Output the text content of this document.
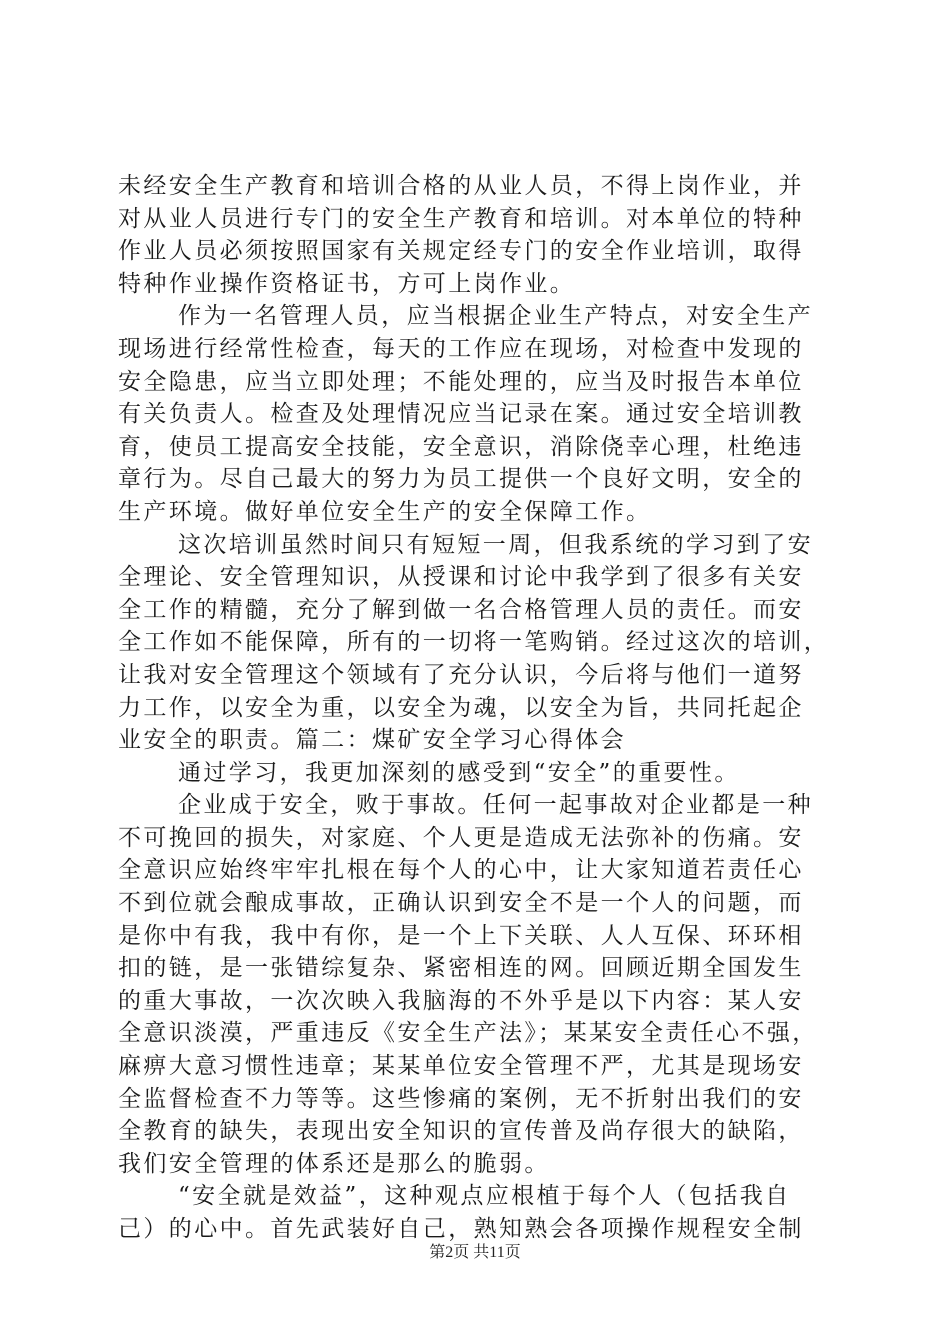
未经安全生产教育和培训合格的从业人员，不得上岗作业，并
对从业人员进行专门的安全生产教育和培训。对本单位的特种
作业人员必须按照国家有关规定经专门的安全作业培训，取得
特种作业操作资格证书，方可上岗作业。
作为一名管理人员，应当根据企业生产特点，对安全生产
现场进行经常性检查，每天的工作应在现场，对检查中发现的
安全隐患，应当立即处理；不能处理的，应当及时报告本单位
有关负责人。检查及处理情况应当记录在案。通过安全培训教
育，使员工提高安全技能，安全意识，消除侥幸心理，杜绝违
章行为。尽自己最大的努力为员工提供一个良好文明，安全的
生产环境。做好单位安全生产的安全保障工作。
这次培训虽然时间只有短短一周，但我系统的学习到了安
全理论、安全管理知识，从授课和讨论中我学到了很多有关安
全工作的精髓，充分了解到做一名合格管理人员的责任。而安
全工作如不能保障，所有的一切将一笔购销。经过这次的培训，
让我对安全管理这个领域有了充分认识，今后将与他们一道努
力工作，以安全为重，以安全为魂，以安全为旨，共同托起企
业安全的职责。篇二：煤矿安全学习心得体会
通过学习，我更加深刻的感受到“安全”的重要性。
企业成于安全，败于事故。任何一起事故对企业都是一种
不可挽回的损失，对家庭、个人更是造成无法弥补的伤痛。安
全意识应始终牢牢扎根在每个人的心中，让大家知道若责任心
不到位就会酿成事故，正确认识到安全不是一个人的问题，而
是你中有我，我中有你，是一个上下关联、人人互保、环环相
扣的链，是一张错综复杂、紧密相连的网。回顾近期全国发生
的重大事故，一次次映入我脑海的不外乎是以下内容：某人安
全意识淡漠，严重违反《安全生产法》；某某安全责任心不强，
麻痹大意习惯性违章；某某单位安全管理不严，尤其是现场安
全监督检查不力等等。这些惨痛的案例，无不折射出我们的安
全教育的缺失，表现出安全知识的宣传普及尚存很大的缺陷，
我们安全管理的体系还是那么的脆弱。
“安全就是效益”，这种观点应根植于每个人（包括我自
己）的心中。首先武装好自己，熟知熟会各项操作规程安全制
第2页 共11页
